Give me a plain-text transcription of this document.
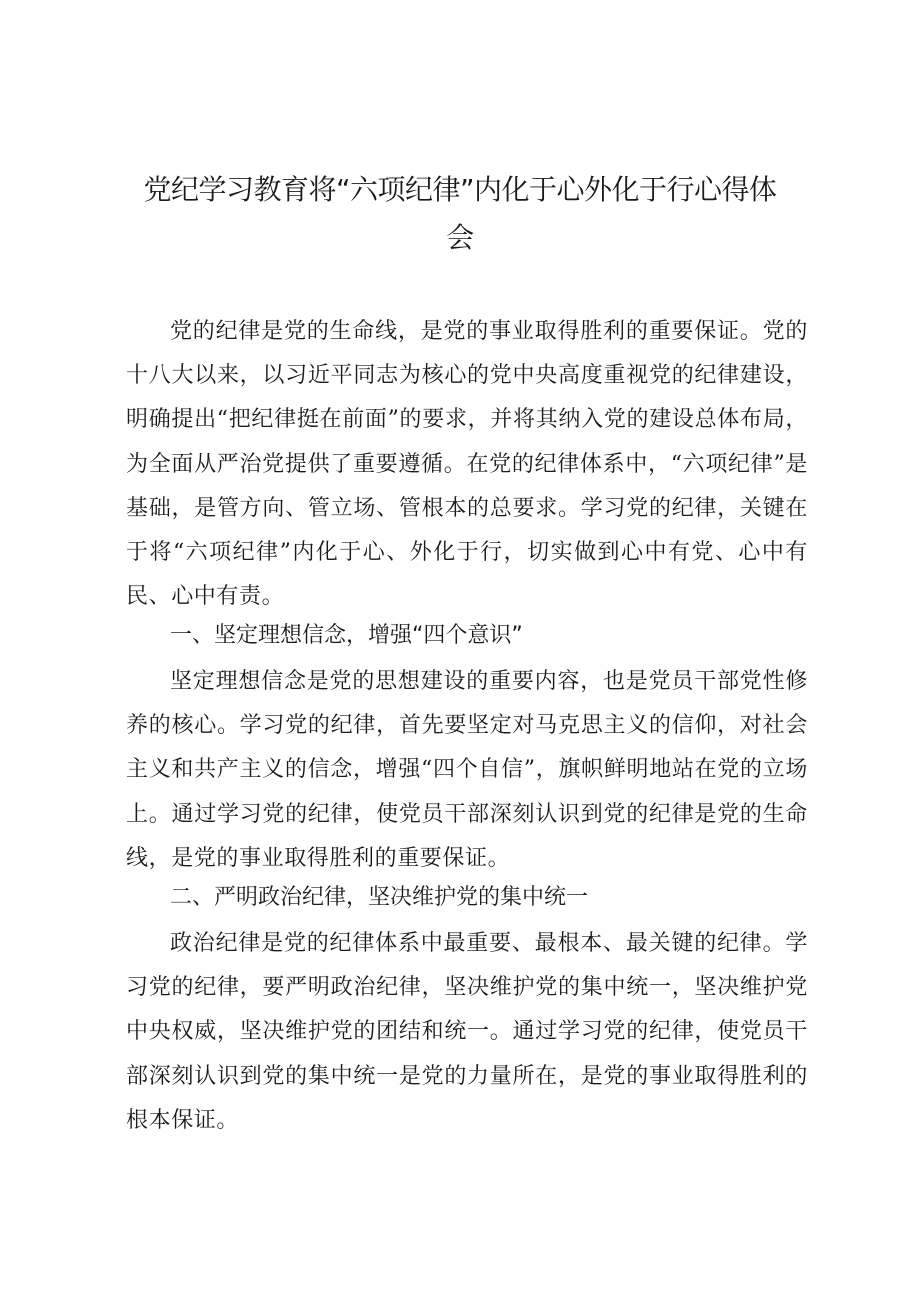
党纪学习教育将“六项纪律”内化于心外化于行心得体会

党的纪律是党的生命线，是党的事业取得胜利的重要保证。党的十八大以来，以习近平同志为核心的党中央高度重视党的纪律建设，明确提出“把纪律挺在前面”的要求，并将其纳入党的建设总体布局，为全面从严治党提供了重要遵循。在党的纪律体系中，“六项纪律”是基础，是管方向、管立场、管根本的总要求。学习党的纪律，关键在于将“六项纪律”内化于心、外化于行，切实做到心中有党、心中有民、心中有责。

一、坚定理想信念，增强“四个意识”

坚定理想信念是党的思想建设的重要内容，也是党员干部党性修养的核心。学习党的纪律，首先要坚定对马克思主义的信仰，对社会主义和共产主义的信念，增强“四个自信”，旗帜鲜明地站在党的立场上。通过学习党的纪律，使党员干部深刻认识到党的纪律是党的生命线，是党的事业取得胜利的重要保证。

二、严明政治纪律，坚决维护党的集中统一

政治纪律是党的纪律体系中最重要、最根本、最关键的纪律。学习党的纪律，要严明政治纪律，坚决维护党的集中统一，坚决维护党中央权威，坚决维护党的团结和统一。通过学习党的纪律，使党员干部深刻认识到党的集中统一是党的力量所在，是党的事业取得胜利的根本保证。
